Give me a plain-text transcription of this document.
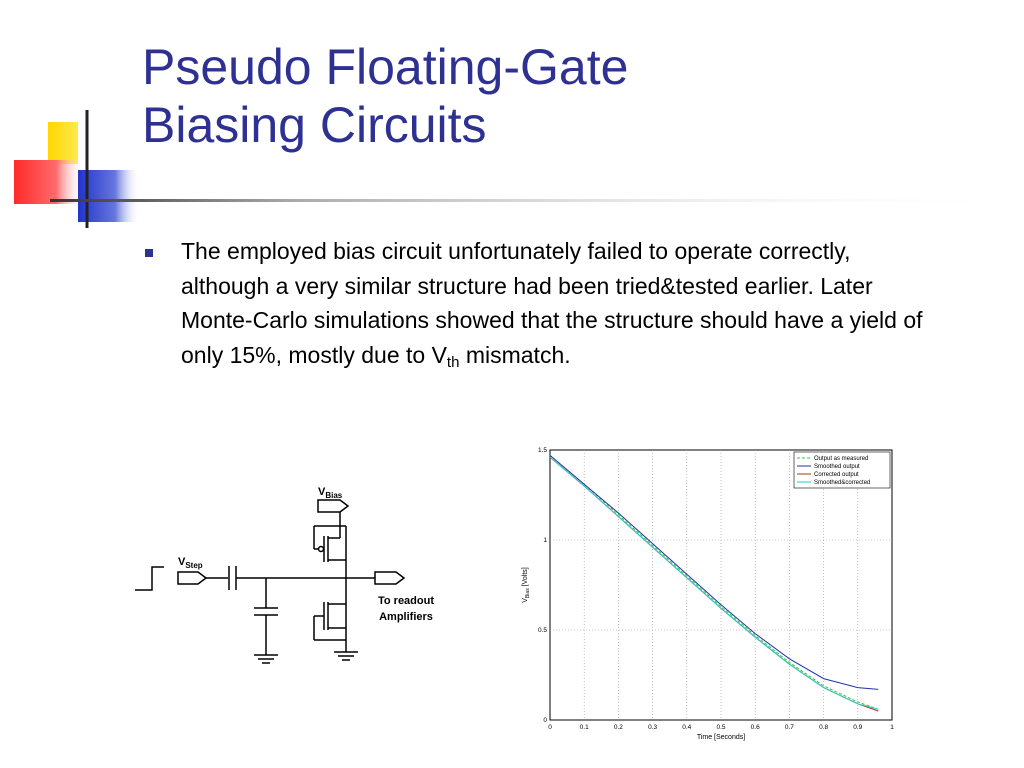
Pseudo Floating-Gate
Biasing Circuits

The employed bias circuit unfortunately failed to operate correctly, although a very similar structure had been tried&tested earlier. Later Monte-Carlo simulations showed that the structure should have a yield of only 15%, mostly due to $V_{th}$ mismatch.

$V_{Bias}$
$V_{Step}$
To readout
Amplifiers
0	0.1	0.2	0.3	0.4	0.5	0.6	0.7	0.8	0.9	1
0
0.5
1
1.5
Time [Seconds]
$V_{Bias}$ [Volts]
Output as measured
Smoothed output
Corrected output
Smoothed&corrected
